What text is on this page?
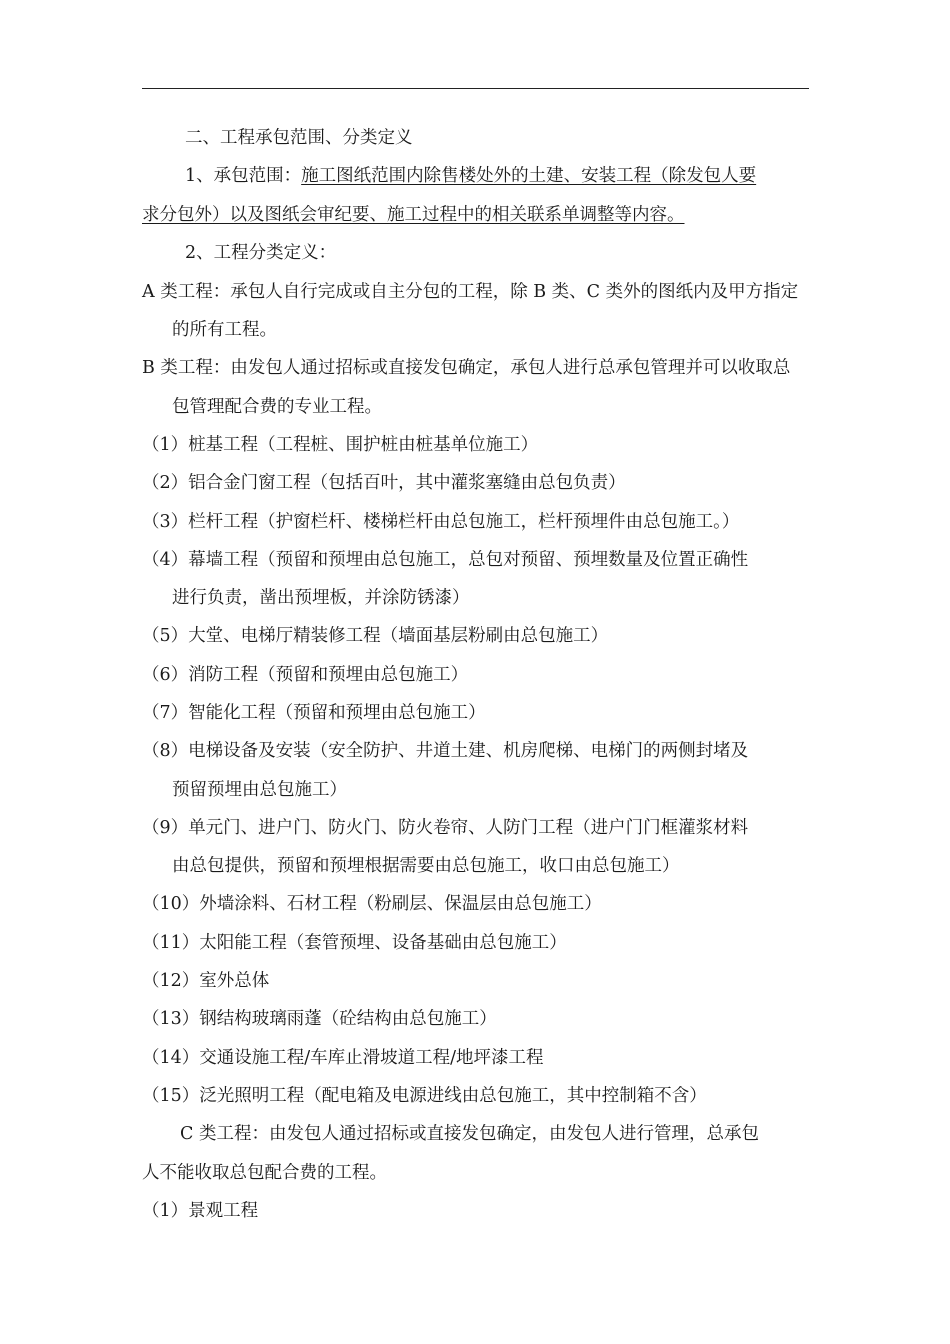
二、工程承包范围、分类定义
1、承包范围：施工图纸范围内除售楼处外的土建、安装工程（除发包人要
求分包外）以及图纸会审纪要、施工过程中的相关联系单调整等内容。
2、工程分类定义：
A 类工程：承包人自行完成或自主分包的工程，除 B 类、C 类外的图纸内及甲方指定
的所有工程。
B 类工程：由发包人通过招标或直接发包确定，承包人进行总承包管理并可以收取总
包管理配合费的专业工程。
（1）桩基工程（工程桩、围护桩由桩基单位施工）
（2）铝合金门窗工程（包括百叶，其中灌浆塞缝由总包负责）
（3）栏杆工程（护窗栏杆、楼梯栏杆由总包施工，栏杆预埋件由总包施工。）
（4）幕墙工程（预留和预埋由总包施工，总包对预留、预埋数量及位置正确性
进行负责，凿出预埋板，并涂防锈漆）
（5）大堂、电梯厅精装修工程（墙面基层粉刷由总包施工）
（6）消防工程（预留和预埋由总包施工）
（7）智能化工程（预留和预埋由总包施工）
（8）电梯设备及安装（安全防护、井道土建、机房爬梯、电梯门的两侧封堵及
预留预埋由总包施工）
（9）单元门、进户门、防火门、防火卷帘、人防门工程（进户门门框灌浆材料
由总包提供，预留和预埋根据需要由总包施工，收口由总包施工）
（10）外墙涂料、石材工程（粉刷层、保温层由总包施工）
（11）太阳能工程（套管预埋、设备基础由总包施工）
（12）室外总体
（13）钢结构玻璃雨蓬（砼结构由总包施工）
（14）交通设施工程/车库止滑坡道工程/地坪漆工程
（15）泛光照明工程（配电箱及电源进线由总包施工，其中控制箱不含）
C 类工程：由发包人通过招标或直接发包确定，由发包人进行管理，总承包
人不能收取总包配合费的工程。
（1）景观工程
